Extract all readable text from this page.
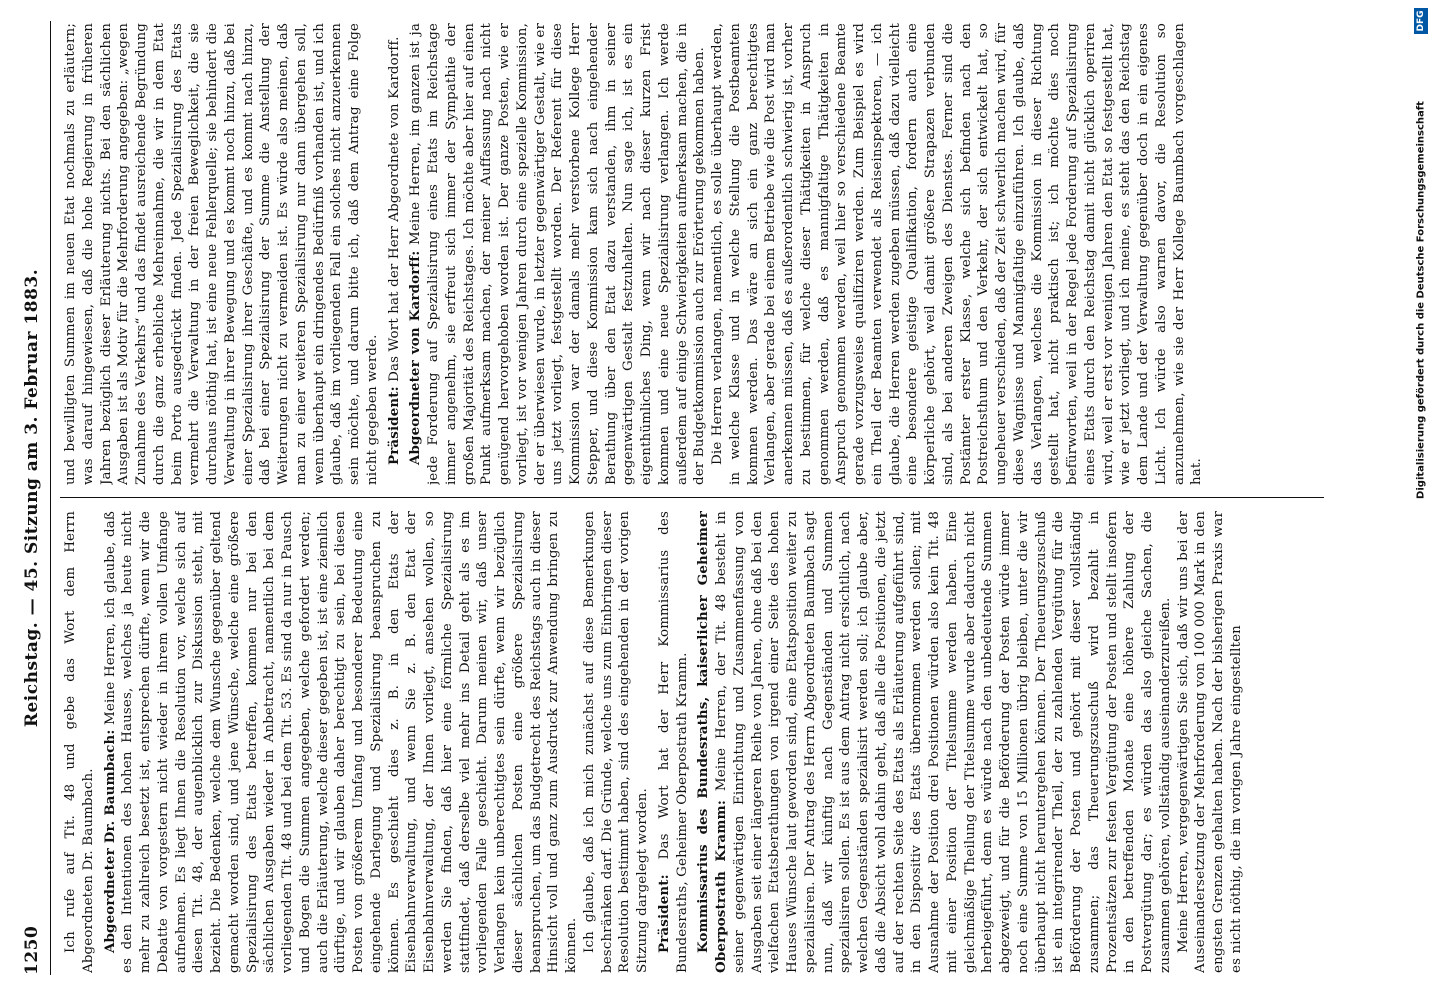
1250
Reichstag. — 45. Sitzung am 3. Februar 1883.

Ich rufe auf Tit. 48 und gebe das Wort dem Herrn Abgeordneten Dr. Baumbach. Abgeordneter Dr. Baumbach: Meine Herren, ich glaube, daß es den Intentionen des hohen Hauses, welches ja heute nicht mehr zu zahlreich besetzt ist, entsprechen dürfte, wenn wir die Debatte von vorgestern nicht wieder in ihrem vollen Umfange aufnehmen. Es liegt Ihnen die Resolution vor, welche sich auf diesen Tit. 48, der augenblicklich zur Diskussion steht, mit bezieht. Die Bedenken, welche dem Wunsche gegenüber geltend gemacht worden sind, und jene Wünsche, welche eine größere Spezialisirung des Etats betreffen, kommen nur bei den sächlichen Ausgaben wieder in Anbetracht, namentlich bei dem vorliegenden Tit. 48 und bei dem Tit. 53. Es sind da nur in Pausch und Bogen die Summen angegeben, welche gefordert werden; auch die Erläuterung, welche dieser gegeben ist, ist eine ziemlich dürftige, und wir glauben daher berechtigt zu sein, bei diesen Posten von größerem Umfang und besonderer Bedeutung eine eingehende Darlegung und Spezialisirung beanspruchen zu können. Es geschieht dies z. B. in den Etats der Eisenbahnverwaltung, und wenn Sie z. B. den Etat der Eisenbahnverwaltung, der Ihnen vorliegt, ansehen wollen, so werden Sie finden, daß hier eine förmliche Spezialisirung stattfindet, daß derselbe viel mehr ins Detail geht als es im vorliegenden Falle geschieht. Darum meinen wir, daß unser Verlangen kein unberechtigtes sein dürfte, wenn wir bezüglich dieser sächlichen Posten eine größere Spezialisirung beanspruchen, um das Budgetrecht des Reichstags auch in dieser Hinsicht voll und ganz zum Ausdruck zur Anwendung bringen zu können. Ich glaube, daß ich mich zunächst auf diese Bemerkungen beschränken darf. Die Gründe, welche uns zum Einbringen dieser Resolution bestimmt haben, sind des eingehenden in der vorigen Sitzung dargelegt worden. Präsident: Das Wort hat der Herr Kommissarius des Bundesraths, Geheimer Oberpostrath Kramm. Kommissarius des Bundesraths, kaiserlicher Geheimer Oberpostrath Kramm: Meine Herren, der Tit. 48 besteht in seiner gegenwärtigen Einrichtung und Zusammenfassung von Ausgaben seit einer längeren Reihe von Jahren, ohne daß bei den vielfachen Etatsberathungen von irgend einer Seite des hohen Hauses Wünsche laut geworden sind, eine Etatsposition weiter zu spezialisiren. Der Antrag des Herrn Abgeordneten Baumbach sagt nun, daß wir künftig nach Gegenständen und Summen spezialisiren sollen. Es ist aus dem Antrag nicht ersichtlich, nach welchen Gegenständen spezialisirt werden soll; ich glaube aber, daß die Absicht wohl dahin geht, daß alle die Positionen, die jetzt auf der rechten Seite des Etats als Erläuterung aufgeführt sind, in den Dispositiv des Etats übernommen werden sollen; mit Ausnahme der Position drei Positionen würden also kein Tit. 48 mit einer Position der Titelsumme werden haben. Eine gleichmäßige Theilung der Titelsumme wurde aber dadurch nicht herbeigeführt, denn es würde nach den unbedeutende Summen abgezweigt, und für die Beförderung der Posten würde immer noch eine Summe von 15 Millionen übrig bleiben, unter die wir überhaupt nicht heruntergehen können. Der Theuerungszuschuß ist ein integrirender Theil, der zu zahlenden Vergütung für die Beförderung der Posten und gehört mit dieser vollständig zusammen; das Theuerungszuschuß wird bezahlt in Prozentsätzen zur festen Vergütung der Posten und stellt insofern in den betreffenden Monate eine höhere Zahlung der Postvergütung dar; es würden das also gleiche Sachen, die zusammen gehören, vollständig auseinanderzureißen. Meine Herren, vergegenwärtigen Sie sich, daß wir uns bei der Auseinandersetzung der Mehrforderung von 100 000 Mark in den engsten Grenzen gehalten haben. Nach der bisherigen Praxis war es nicht nöthig, die im vorigen Jahre eingestellten

und bewilligten Summen im neuen Etat nochmals zu erläutern; was darauf hingewiesen, daß die hohe Regierung in früheren Jahren bezüglich dieser Erläuterung nichts. Bei den sächlichen Ausgaben ist als Motiv für die Mehrforderung angegeben: „wegen Zunahme des Verkehrs“ und das findet ausreichende Begründung durch die ganz erhebliche Mehreinnahme, die wir in dem Etat beim Porto ausgedrückt finden. Jede Spezialisirung des Etats vermehrt die Verwaltung in der freien Beweglichkeit, die sie durchaus nöthig hat, ist eine neue Fehlerquelle; sie behindert die Verwaltung in ihrer Bewegung und es kommt noch hinzu, daß bei einer Spezialisirung ihrer Geschäfte, und es kommt nach hinzu, daß bei einer Spezialisirung der Summe die Anstellung der Weiterungen nicht zu vermeiden ist. Es würde also meinen, daß man zu einer weiteren Spezialisirung nur dann übergehen soll, wenn überhaupt ein dringendes Bedürfniß vorhanden ist, und ich glaube, daß im vorliegenden Fall ein solches nicht anzuerkennen sein möchte, und darum bitte ich, daß dem Antrag eine Folge nicht gegeben werde. Präsident: Das Wort hat der Herr Abgeordnete von Kardorff. Abgeordneter von Kardorff: Meine Herren, im ganzen ist ja jede Forderung auf Spezialisirung eines Etats im Reichstage immer angenehm, sie erfreut sich immer der Sympathie der großen Majorität des Reichstages. Ich möchte aber hier auf einen Punkt aufmerksam machen, der meiner Auffassung nach nicht genügend hervorgehoben worden ist. Der ganze Posten, wie er vorliegt, ist vor wenigen Jahren durch eine spezielle Kommission, der er überwiesen wurde, in letzter gegenwärtiger Gestalt, wie er uns jetzt vorliegt, festgestellt worden. Der Referent für diese Kommission war der damals mehr verstorbene Kollege Herr Stepper, und diese Kommission kam sich nach eingehender Berathung über den Etat dazu verstanden, ihm in seiner gegenwärtigen Gestalt festzuhalten. Nun sage ich, ist es ein eigenthümliches Ding, wenn wir nach dieser kurzen Frist kommen und eine neue Spezialisirung verlangen. Ich werde außerdem auf einige Schwierigkeiten aufmerksam machen, die in der Budgetkommission auch zur Erörterung gekommen haben. Die Herren verlangen, namentlich, es solle überhaupt werden, in welche Klasse und in welche Stellung die Postbeamten kommen werden. Das wäre an sich ein ganz berechtigtes Verlangen, aber gerade bei einem Betriebe wie die Post wird man anerkennen müssen, daß es außerordentlich schwierig ist, vorher zu bestimmen, für welche dieser Thätigkeiten in Anspruch genommen werden, daß es mannigfaltige Thätigkeiten in Anspruch genommen werden, weil hier so verschiedene Beamte gerade vorzugsweise qualifiziren werden. Zum Beispiel es wird ein Theil der Beamten verwendet als Reiseinspektoren, — ich glaube, die Herren werden zugeben müssen, daß dazu vielleicht eine besondere geistige Qualifikation, fordern auch eine körperliche gehört, weil damit größere Strapazen verbunden sind, als bei anderen Zweigen des Dienstes. Ferner sind die Postämter erster Klasse, welche sich befinden nach den Postreichsthum und den Verkehr, der sich entwickelt hat, so ungeheuer verschieden, daß der Zeit schwerlich machen wird, für diese Wagnisse und Mannigfaltige einzuführen. Ich glaube, daß das Verlangen, welches die Kommission in dieser Richtung gestellt hat, nicht praktisch ist; ich möchte dies noch befürworten, weil in der Regel jede Forderung auf Spezialisirung eines Etats durch den Reichstag damit nicht glücklich operiren wird, weil er erst vor wenigen Jahren den Etat so festgestellt hat, wie er jetzt vorliegt, und ich meine, es steht das den Reichstag dem Lande und der Verwaltung gegenüber doch in ein eigenes Licht. Ich würde also warnen davor, die Resolution so anzunehmen, wie sie der Herr Kollege Baumbach vorgeschlagen hat.

DFG
Digitalisierung gefördert durch die Deutsche Forschungsgemeinschaft
